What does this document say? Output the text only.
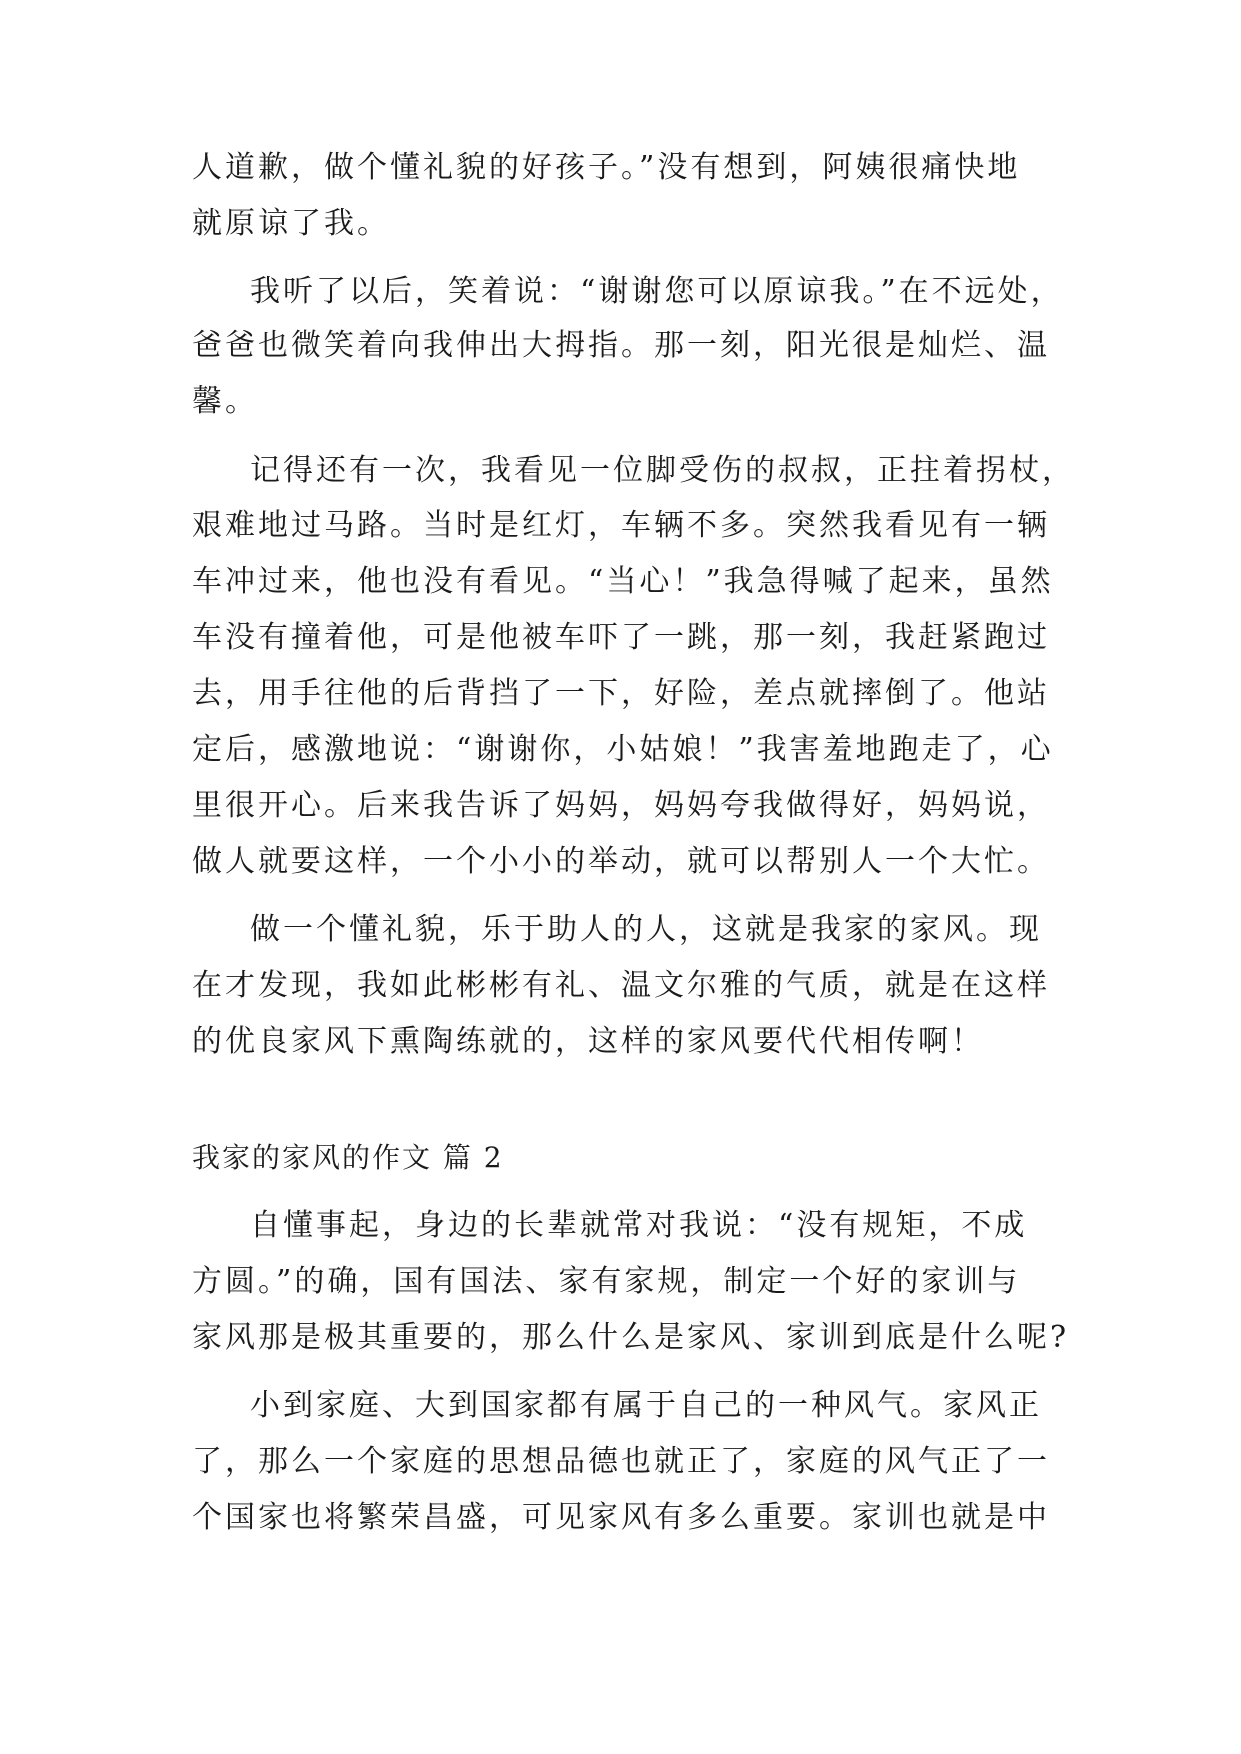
人道歉，做个懂礼貌的好孩子。”没有想到，阿姨很痛快地
就原谅了我。
我听了以后，笑着说：“谢谢您可以原谅我。”在不远处，
爸爸也微笑着向我伸出大拇指。那一刻，阳光很是灿烂、温
馨。
记得还有一次，我看见一位脚受伤的叔叔，正拄着拐杖，
艰难地过马路。当时是红灯，车辆不多。突然我看见有一辆
车冲过来，他也没有看见。“当心！”我急得喊了起来，虽然
车没有撞着他，可是他被车吓了一跳，那一刻，我赶紧跑过
去，用手往他的后背挡了一下，好险，差点就摔倒了。他站
定后，感激地说：“谢谢你，小姑娘！”我害羞地跑走了，心
里很开心。后来我告诉了妈妈，妈妈夸我做得好，妈妈说，
做人就要这样，一个小小的举动，就可以帮别人一个大忙。
做一个懂礼貌，乐于助人的人，这就是我家的家风。现
在才发现，我如此彬彬有礼、温文尔雅的气质，就是在这样
的优良家风下熏陶练就的，这样的家风要代代相传啊！
我家的家风的作文 篇 2
自懂事起，身边的长辈就常对我说：“没有规矩，不成
方圆。”的确，国有国法、家有家规，制定一个好的家训与
家风那是极其重要的，那么什么是家风、家训到底是什么呢?
小到家庭、大到国家都有属于自己的一种风气。家风正
了，那么一个家庭的思想品德也就正了，家庭的风气正了一
个国家也将繁荣昌盛，可见家风有多么重要。家训也就是中
